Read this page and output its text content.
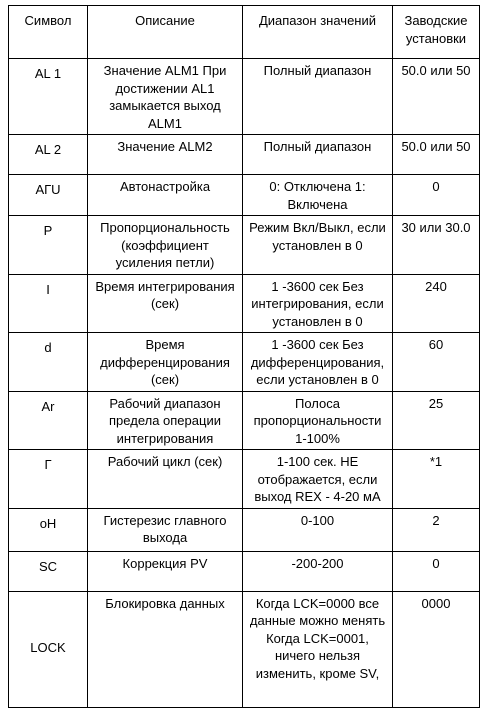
Символ	Описание	Диапазон значений	Заводские установки
AL 1	Значение ALM1 При достижении AL1 замыкается выход ALM1	Полный диапазон	50.0 или 50
AL 2	Значение ALM2	Полный диапазон	50.0 или 50
AГU	Автонастройка	0: Отключена 1: Включена	0
P	Пропорциональность (коэффициент усиления петли)	Режим Вкл/Выкл, если установлен в 0	30 или 30.0
I	Время интегрирования (сек)	1 -3600 сек Без интегрирования, если установлен в 0	240
d	Время дифференцирования (сек)	1 -3600 сек Без дифференцирования, если установлен в 0	60
Ar	Рабочий диапазон предела операции интегрирования	Полоса пропорциональности 1-100%	25
Г	Рабочий цикл (сек)	1-100 сек. НЕ отображается, если выход REX - 4-20 мА	*1
oH	Гистерезис главного выхода	0-100	2
SC	Коррекция PV	-200-200	0
LOCK	Блокировка данных	Когда LCK=0000 все данные можно менять Когда LCK=0001, ничего нельзя изменить, кроме SV,	0000
